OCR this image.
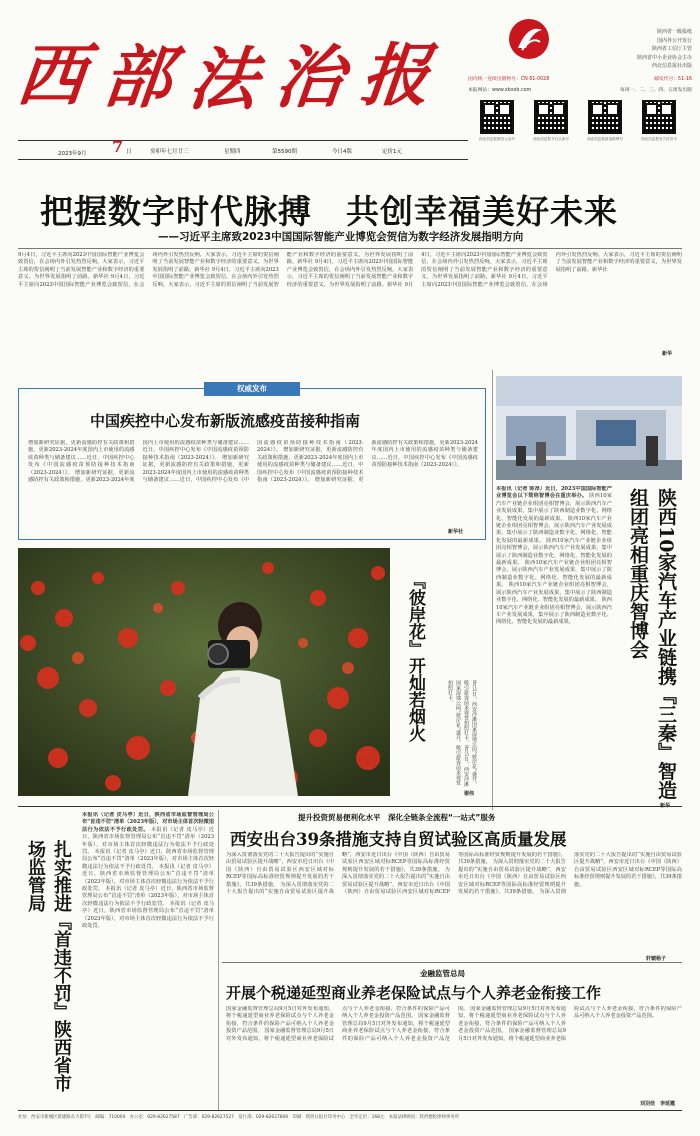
西 部 法 治 报
陕西省一级报纸
国内外公开发行
陕西省工信厅主管
陕西省中小企业协会主办
西北信息报社出版
国内统一连续出版物号：CN 61-0028	邮发代号：51-16
本报网站：www.xbxxb.com	每周一、二、三、四、五周发出版
西北信息报微信公众号	西北信息报今日头条号	西北信息报新浪微博号	西北信息报官方抖音号
7 日
2023年9月	癸卯年七月廿三	星期四	第5590期	今日4版	定价1元
把握数字时代脉搏　共创幸福美好未来
——习近平主席致2023中国国际智能产业博览会贺信为数字经济发展指明方向
9月4日，习近平主席向2023中国国际智能产业博览会致贺信，在会场内外引发热烈反响。大家表示，习近平主席的贺信阐明了当前发展智能产业和数字经济的重要意义，为世界发展指明了前路。新华社 9月4日，习近平主席向2023中国国际智能产业博览会致贺信，在会场内外引发热烈反响。大家表示，习近平主席的贺信阐明了当前发展智能产业和数字经济的重要意义，为世界发展指明了前路。新华社 9月4日，习近平主席向2023中国国际智能产业博览会致贺信，在会场内外引发热烈反响。大家表示，习近平主席的贺信阐明了当前发展智能产业和数字经济的重要意义，为世界发展指明了前路。新华社 9月4日，习近平主席向2023中国国际智能产业博览会致贺信，在会场内外引发热烈反响。大家表示，习近平主席的贺信阐明了当前发展智能产业和数字经济的重要意义，为世界发展指明了前路。新华社 9月4日，习近平主席向2023中国国际智能产业博览会致贺信，在会场内外引发热烈反响。大家表示，习近平主席的贺信阐明了当前发展智能产业和数字经济的重要意义，为世界发展指明了前路。新华社 9月4日，习近平主席向2023中国国际智能产业博览会致贺信，在会场内外引发热烈反响。大家表示，习近平主席的贺信阐明了当前发展智能产业和数字经济的重要意义，为世界发展指明了前路。新华社
新华
权威发布
中国疾控中心发布新版流感疫苗接种指南
增加新研究证据，更新流感防控有关政策和措施，更新2023-2024年度国内上市使用的流感疫苗种类与储备建议……近日，中国疾控中心发布《中国流感疫苗预防接种技术指南（2023-2024）》。 增加新研究证据，更新流感防控有关政策和措施，更新2023-2024年度国内上市使用的流感疫苗种类与储备建议……近日，中国疾控中心发布《中国流感疫苗预防接种技术指南（2023-2024）》。 增加新研究证据，更新流感防控有关政策和措施，更新2023-2024年度国内上市使用的流感疫苗种类与储备建议……近日，中国疾控中心发布《中国流感疫苗预防接种技术指南（2023-2024）》。 增加新研究证据，更新流感防控有关政策和措施，更新2023-2024年度国内上市使用的流感疫苗种类与储备建议……近日，中国疾控中心发布《中国流感疫苗预防接种技术指南（2023-2024）》。 增加新研究证据，更新流感防控有关政策和措施，更新2023-2024年度国内上市使用的流感疫苗种类与储备建议……近日，中国疾控中心发布《中国流感疫苗预防接种技术指南（2023-2024）》。
新华社
『彼岸花』开灿若烟火	9月5日，西安沙滩国家湿地公园“彼岸花”盛开，吸引游客前来观赏拍照打卡。9月5日，西安沙滩国家湿地公园“彼岸花”盛开，吸引游客前来观赏拍照打卡。
谢伟	陕西10家汽车产业链携『三秦』智造组团亮相重庆智博会
本报讯（记者 陈昂）近日，2023中国国际智能产业博览会以下简称智博会在重庆举办。 陕西10家汽车产业链企业组团亮相智博会，展示陕西汽车产业发展成果，集中展示了陕西制造业数字化、网络化、智能化发展的最新成果。 陕西10家汽车产业链企业组团亮相智博会，展示陕西汽车产业发展成果，集中展示了陕西制造业数字化、网络化、智能化发展的最新成果。 陕西10家汽车产业链企业组团亮相智博会，展示陕西汽车产业发展成果，集中展示了陕西制造业数字化、网络化、智能化发展的最新成果。 陕西10家汽车产业链企业组团亮相智博会，展示陕西汽车产业发展成果，集中展示了陕西制造业数字化、网络化、智能化发展的最新成果。 陕西10家汽车产业链企业组团亮相智博会，展示陕西汽车产业发展成果，集中展示了陕西制造业数字化、网络化、智能化发展的最新成果。 陕西10家汽车产业链企业组团亮相智博会，展示陕西汽车产业发展成果，集中展示了陕西制造业数字化、网络化、智能化发展的最新成果。
扎实推进『首违不罚』陕西省市场监管局
本报讯（记者 皮马亭）近日，陕西省市场监督管理局公布“首违不罚”清单（2023年版），对市场主体首次轻微违法行为依法不予行政处罚。 本报讯（记者 皮马亭）近日，陕西省市场监督管理局公布“首违不罚”清单（2023年版），对市场主体首次轻微违法行为依法不予行政处罚。 本报讯（记者 皮马亭）近日，陕西省市场监督管理局公布“首违不罚”清单（2023年版），对市场主体首次轻微违法行为依法不予行政处罚。 本报讯（记者 皮马亭）近日，陕西省市场监督管理局公布“首违不罚”清单（2023年版），对市场主体首次轻微违法行为依法不予行政处罚。 本报讯（记者 皮马亭）近日，陕西省市场监督管理局公布“首违不罚”清单（2023年版），对市场主体首次轻微违法行为依法不予行政处罚。 本报讯（记者 皮马亭）近日，陕西省市场监督管理局公布“首违不罚”清单（2023年版），对市场主体首次轻微违法行为依法不予行政处罚。
提升投资贸易便利化水平　深化全链条全流程“一站式”服务
西安出台39条措施支持自贸试验区高质量发展
为深入贯彻落实党的二十大报告提出的“实施自由贸易试验区提升战略”，西安市近日出台《中国（陕西）自由贸易试验区西安区域对标RCEP等国际高标准经贸规则提升发展的若干措施》，共39条措施。 为深入贯彻落实党的二十大报告提出的“实施自由贸易试验区提升战略”，西安市近日出台《中国（陕西）自由贸易试验区西安区域对标RCEP等国际高标准经贸规则提升发展的若干措施》，共39条措施。 为深入贯彻落实党的二十大报告提出的“实施自由贸易试验区提升战略”，西安市近日出台《中国（陕西）自由贸易试验区西安区域对标RCEP等国际高标准经贸规则提升发展的若干措施》，共39条措施。 为深入贯彻落实党的二十大报告提出的“实施自由贸易试验区提升战略”，西安市近日出台《中国（陕西）自由贸易试验区西安区域对标RCEP等国际高标准经贸规则提升发展的若干措施》，共39条措施。 为深入贯彻落实党的二十大报告提出的“实施自由贸易试验区提升战略”，西安市近日出台《中国（陕西）自由贸易试验区西安区域对标RCEP等国际高标准经贸规则提升发展的若干措施》，共39条措施。
轩辕杨子
金融监管总局
开展个税递延型商业养老保险试点与个人养老金衔接工作
国家金融监督管理总局9月5日对外发布通知，将个税递延型商业养老保险试点与个人养老金衔接，符合条件的保险产品可纳入个人养老金投资产品范围。 国家金融监督管理总局9月5日对外发布通知，将个税递延型商业养老保险试点与个人养老金衔接，符合条件的保险产品可纳入个人养老金投资产品范围。 国家金融监督管理总局9月5日对外发布通知，将个税递延型商业养老保险试点与个人养老金衔接，符合条件的保险产品可纳入个人养老金投资产品范围。 国家金融监督管理总局9月5日对外发布通知，将个税递延型商业养老保险试点与个人养老金衔接，符合条件的保险产品可纳入个人养老金投资产品范围。 国家金融监督管理总局9月5日对外发布通知，将个税递延型商业养老保险试点与个人养老金衔接，符合条件的保险产品可纳入个人养老金投资产品范围。
刘羽佳　李延霞
社址：西安市新城区新建路东大街7号　邮编：710004　办公室：029-82627587　广告部：029-82627527　发行部：029-82627800　印刷：陕西日报社印务中心　全年定价：168元　本报法律顾问：陕西德伦律师事务所
